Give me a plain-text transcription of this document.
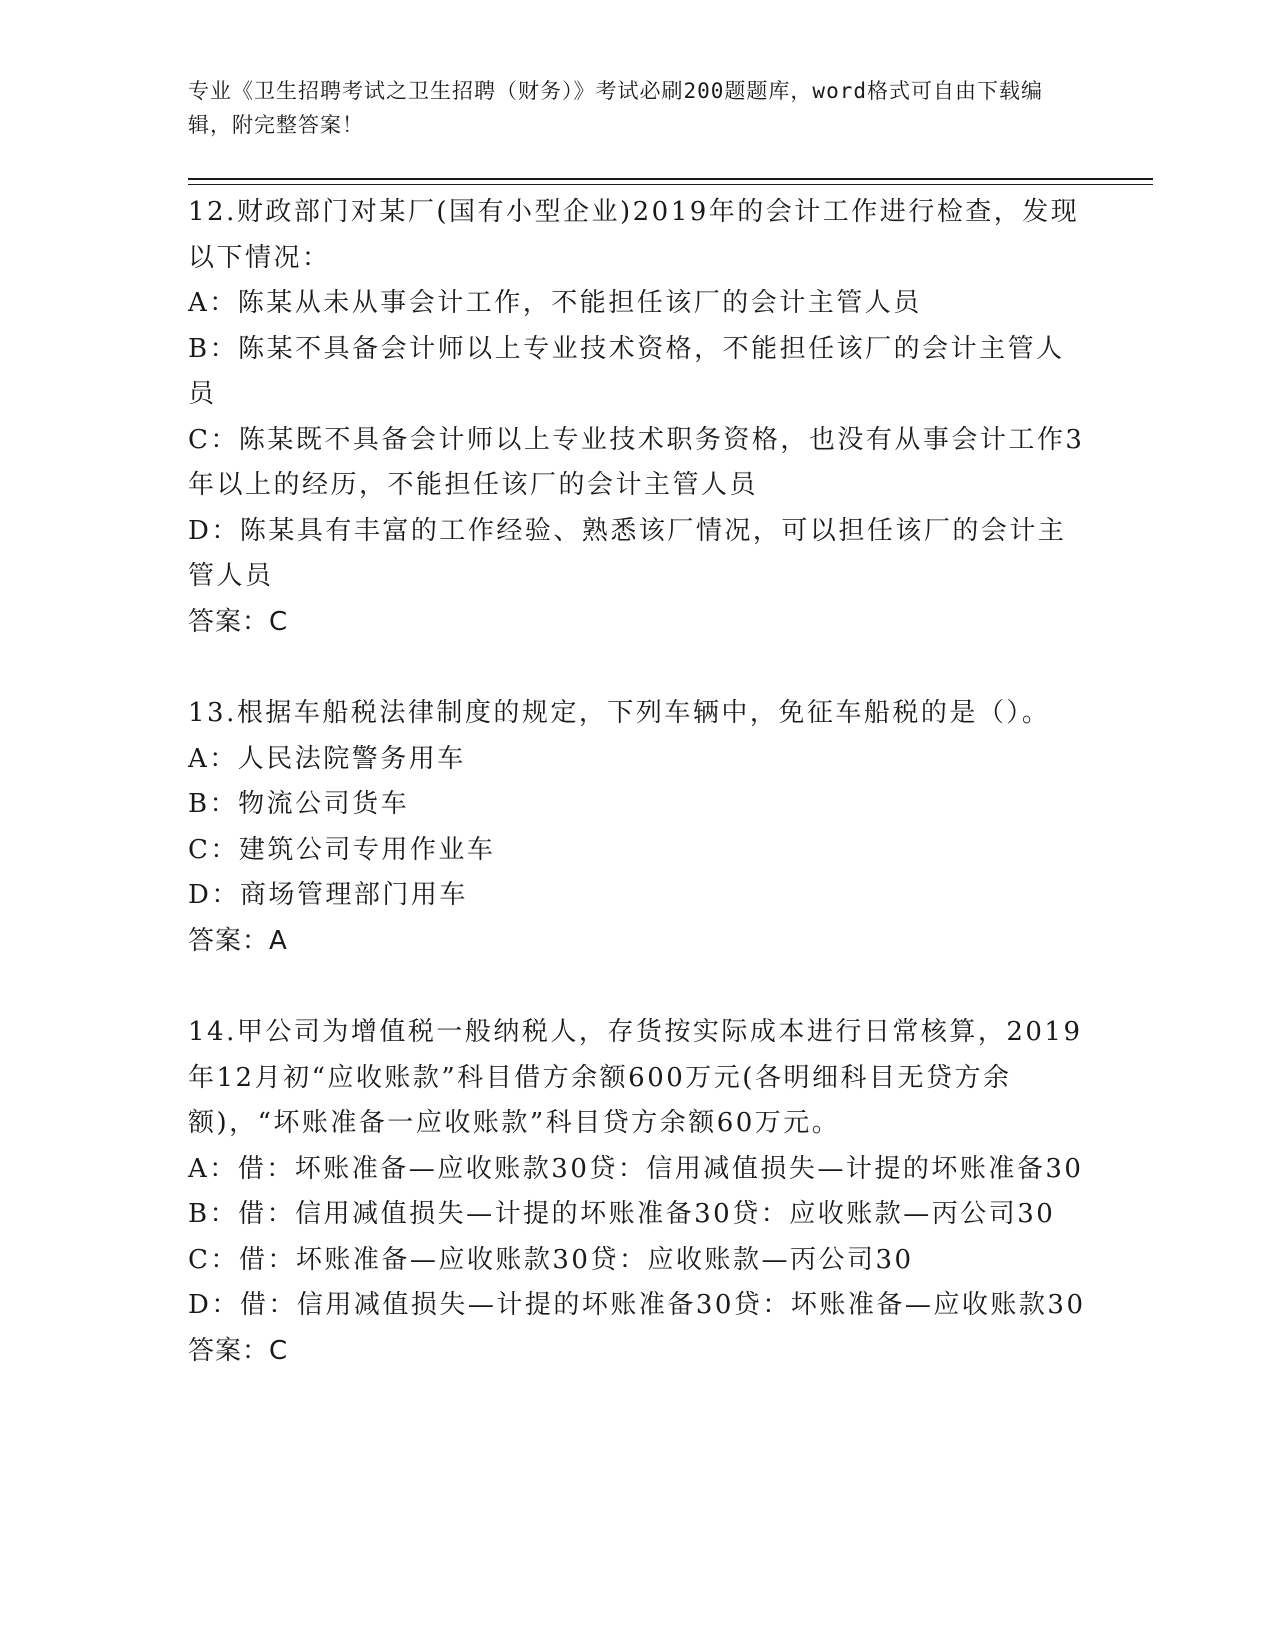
专业《卫生招聘考试之卫生招聘（财务）》考试必刷200题题库，word格式可自由下载编辑，附完整答案！

12.财政部门对某厂(国有小型企业)2019年的会计工作进行检查，发现以下情况：

A：陈某从未从事会计工作，不能担任该厂的会计主管人员

B：陈某不具备会计师以上专业技术资格，不能担任该厂的会计主管人员

C：陈某既不具备会计师以上专业技术职务资格，也没有从事会计工作3年以上的经历，不能担任该厂的会计主管人员

D：陈某具有丰富的工作经验、熟悉该厂情况，可以担任该厂的会计主管人员

答案：C

13.根据车船税法律制度的规定，下列车辆中，免征车船税的是（）。

A：人民法院警务用车

B：物流公司货车

C：建筑公司专用作业车

D：商场管理部门用车

答案：A

14.甲公司为增值税一般纳税人，存货按实际成本进行日常核算，2019年12月初“应收账款”科目借方余额600万元(各明细科目无贷方余额)，“坏账准备一应收账款”科目贷方余额60万元。

A：借：坏账准备—应收账款30贷：信用减值损失—计提的坏账准备30

B：借：信用减值损失—计提的坏账准备30贷：应收账款—丙公司30

C：借：坏账准备—应收账款30贷：应收账款—丙公司30

D：借：信用减值损失—计提的坏账准备30贷：坏账准备—应收账款30

答案：C
